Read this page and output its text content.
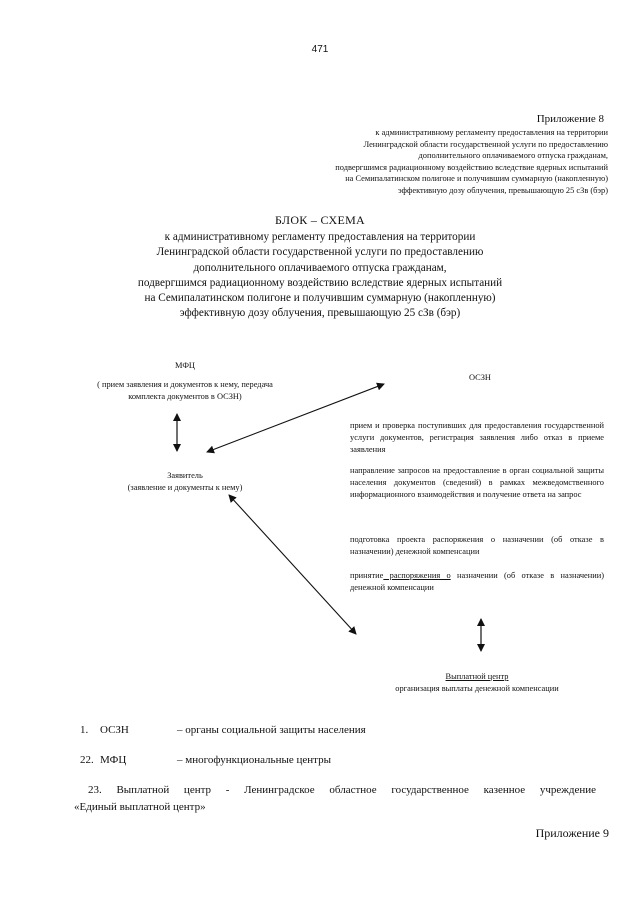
471
Приложение 8
к административному регламенту предоставления на территории
Ленинградской области государственной услуги по предоставлению
дополнительного оплачиваемого отпуска гражданам,
подвергшимся радиационному воздействию вследствие ядерных испытаний
на Семипалатинском полигоне и получившим суммарную (накопленную)
эффективную дозу облучения, превышающую 25 сЗв (бэр)
БЛОК – СХЕМА
к административному регламенту предоставления на территории
Ленинградской области государственной услуги по предоставлению
дополнительного оплачиваемого отпуска гражданам,
подвергшимся радиационному воздействию вследствие ядерных испытаний
на Семипалатинском полигоне и получившим суммарную (накопленную)
эффективную дозу облучения, превышающую 25 сЗв (бэр)
МФЦ
( прием заявления и документов к нему, передача
комплекта документов в ОСЗН)
ОСЗН
Заявитель
(заявление и документы к нему)
прием и проверка поступивших для предоставления государственной услуги документов, регистрация заявления либо отказ в приеме заявления
направление запросов на предоставление в орган социальной защиты населения документов (сведений) в рамках межведомственного информационного взаимодействия и получение ответа на запрос
подготовка проекта распоряжения о назначении (об отказе в назначении) денежной компенсации
принятие распоряжения о назначении (об отказе в назначении) денежной компенсации
Выплатной центр
организация выплаты денежной компенсации
1.	ОСЗН	– органы социальной защиты населения
22. МФЦ	– многофункциональные центры
23. Выплатной центр - Ленинградское областное государственное казенное учреждение
«Единый выплатной центр»
Приложение 9
